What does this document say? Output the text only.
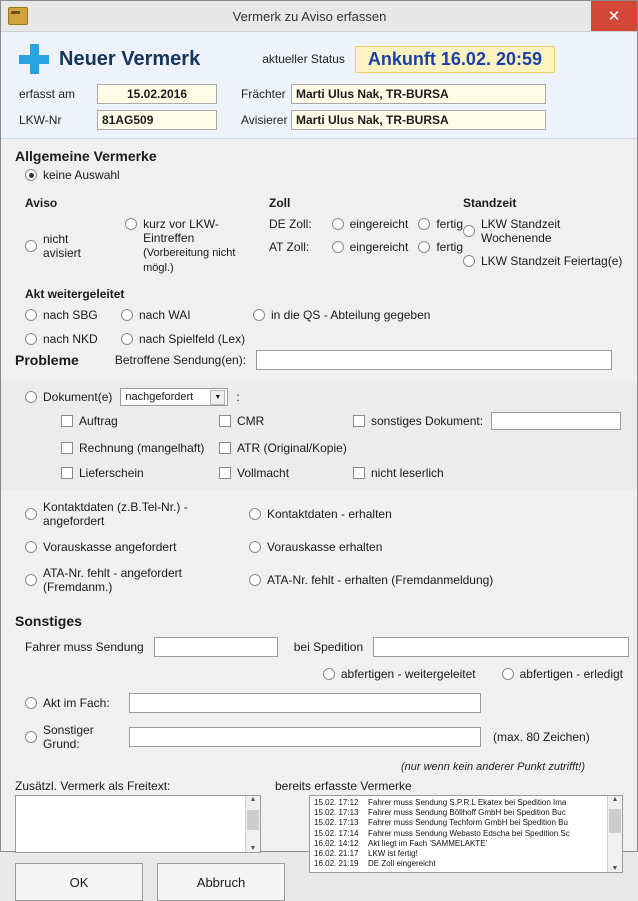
Vermerk zu Aviso erfassen	✕
Neuer Vermerk	aktueller Status	Ankunft 16.02. 20:59
erfasst am	15.02.2016	Frächter Marti Ulus Nak, TR-BURSA
LKW-Nr	81AG509	Avisierer Marti Ulus Nak, TR-BURSA
Allgemeine Vermerke
keine Auswahl
Aviso
nicht avisiert
kurz vor LKW-Eintreffen
(Vorbereitung nicht mögl.)
Zoll
DE Zoll:	eingereicht fertig
AT Zoll:	eingereicht fertig
Standzeit
LKW Standzeit Wochenende

LKW Standzeit Feiertag(e)
Akt weitergeleitet
nach SBG	nach WAI	in die QS - Abteilung gegeben
nach NKD	nach Spielfeld (Lex)
Probleme	Betroffene Sendung(en):
Dokument(e) nachgefordert	▼	:
Auftrag	CMR	sonstiges Dokument:
Rechnung (mangelhaft)	ATR (Original/Kopie)
Lieferschein	Vollmacht	nicht leserlich
Kontaktdaten (z.B.Tel-Nr.) - angefordert	Kontaktdaten - erhalten
Vorauskasse angefordert	Vorauskasse erhalten
ATA-Nr. fehlt - angefordert (Fremdanm.)	ATA-Nr. fehlt - erhalten (Fremdanmeldung)
Sonstiges
Fahrer muss Sendung	bei Spedition
abfertigen - weitergeleitet	abfertigen - erledigt
Akt im Fach:
Sonstiger Grund:	(max. 80 Zeichen)
(nur wenn kein anderer Punkt zutrifft!)
Zusätzl. Vermerk als Freitext:	bereits erfasste Vermerke
▲
▼
OK	Abbruch
15.02. 17:12 Fahrer muss Sendung S.P.R.L Ekatex bei Spedition Ima
15.02. 17:13 Fahrer muss Sendung Böllhoff GmbH bei Spedition Buc
15.02. 17:13 Fahrer muss Sendung Techform GmbH bei Spedition Bu
15.02. 17:14 Fahrer muss Sendung Webasto Edscha bei Spedition Sc
16.02. 14:12 Akt liegt im Fach 'SAMMELAKTE'
16.02. 21:17 LKW ist fertig!
16.02. 21:19 DE Zoll eingereicht
▲
▼
